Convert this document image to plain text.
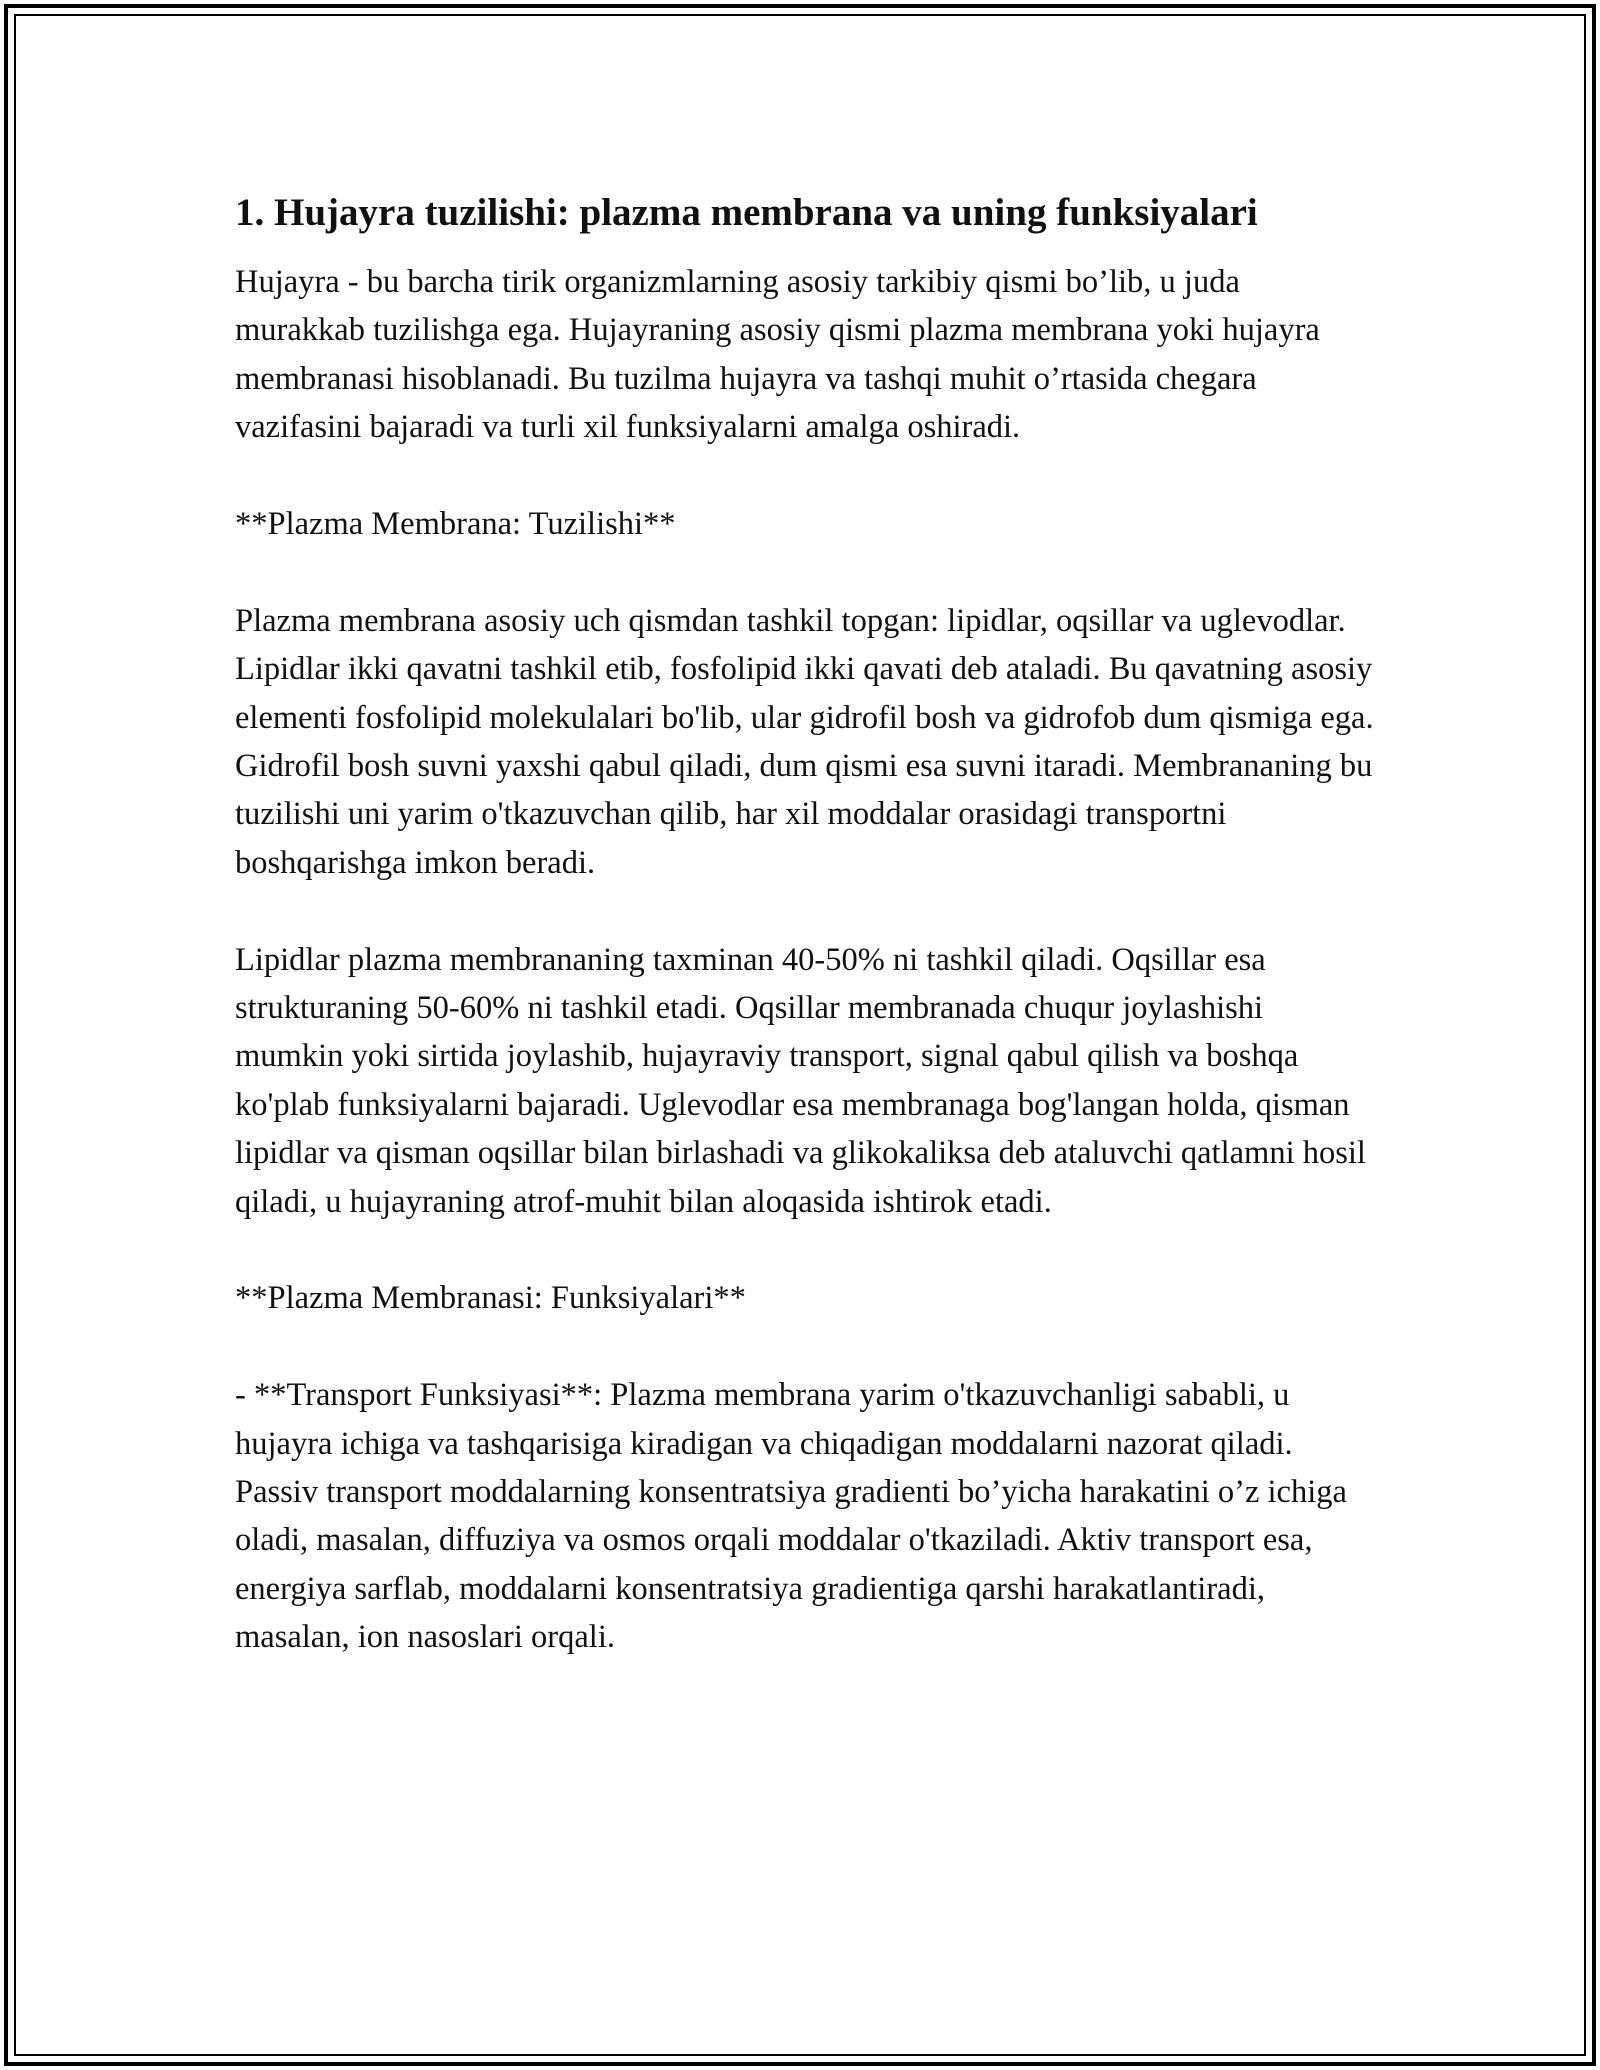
1. Hujayra tuzilishi: plazma membrana va uning funksiyalari

Hujayra - bu barcha tirik organizmlarning asosiy tarkibiy qismi bo’lib, u juda murakkab tuzilishga ega. Hujayraning asosiy qismi plazma membrana yoki hujayra membranasi hisoblanadi. Bu tuzilma hujayra va tashqi muhit o’rtasida chegara vazifasini bajaradi va turli xil funksiyalarni amalga oshiradi.

**Plazma Membrana: Tuzilishi**

Plazma membrana asosiy uch qismdan tashkil topgan: lipidlar, oqsillar va uglevodlar. Lipidlar ikki qavatni tashkil etib, fosfolipid ikki qavati deb ataladi. Bu qavatning asosiy elementi fosfolipid molekulalari bo'lib, ular gidrofil bosh va gidrofob dum qismiga ega. Gidrofil bosh suvni yaxshi qabul qiladi, dum qismi esa suvni itaradi. Membrananing bu tuzilishi uni yarim o'tkazuvchan qilib, har xil moddalar orasidagi transportni boshqarishga imkon beradi.

Lipidlar plazma membrananing taxminan 40-50% ni tashkil qiladi. Oqsillar esa strukturaning 50-60% ni tashkil etadi. Oqsillar membranada chuqur joylashishi mumkin yoki sirtida joylashib, hujayraviy transport, signal qabul qilish va boshqa ko'plab funksiyalarni bajaradi. Uglevodlar esa membranaga bog'langan holda, qisman lipidlar va qisman oqsillar bilan birlashadi va glikokaliksa deb ataluvchi qatlamni hosil qiladi, u hujayraning atrof-muhit bilan aloqasida ishtirok etadi.

**Plazma Membranasi: Funksiyalari**

- **Transport Funksiyasi**: Plazma membrana yarim o'tkazuvchanligi sababli, u hujayra ichiga va tashqarisiga kiradigan va chiqadigan moddalarni nazorat qiladi. Passiv transport moddalarning konsentratsiya gradienti bo’yicha harakatini o’z ichiga oladi, masalan, diffuziya va osmos orqali moddalar o'tkaziladi. Aktiv transport esa, energiya sarflab, moddalarni konsentratsiya gradientiga qarshi harakatlantiradi, masalan, ion nasoslari orqali.
